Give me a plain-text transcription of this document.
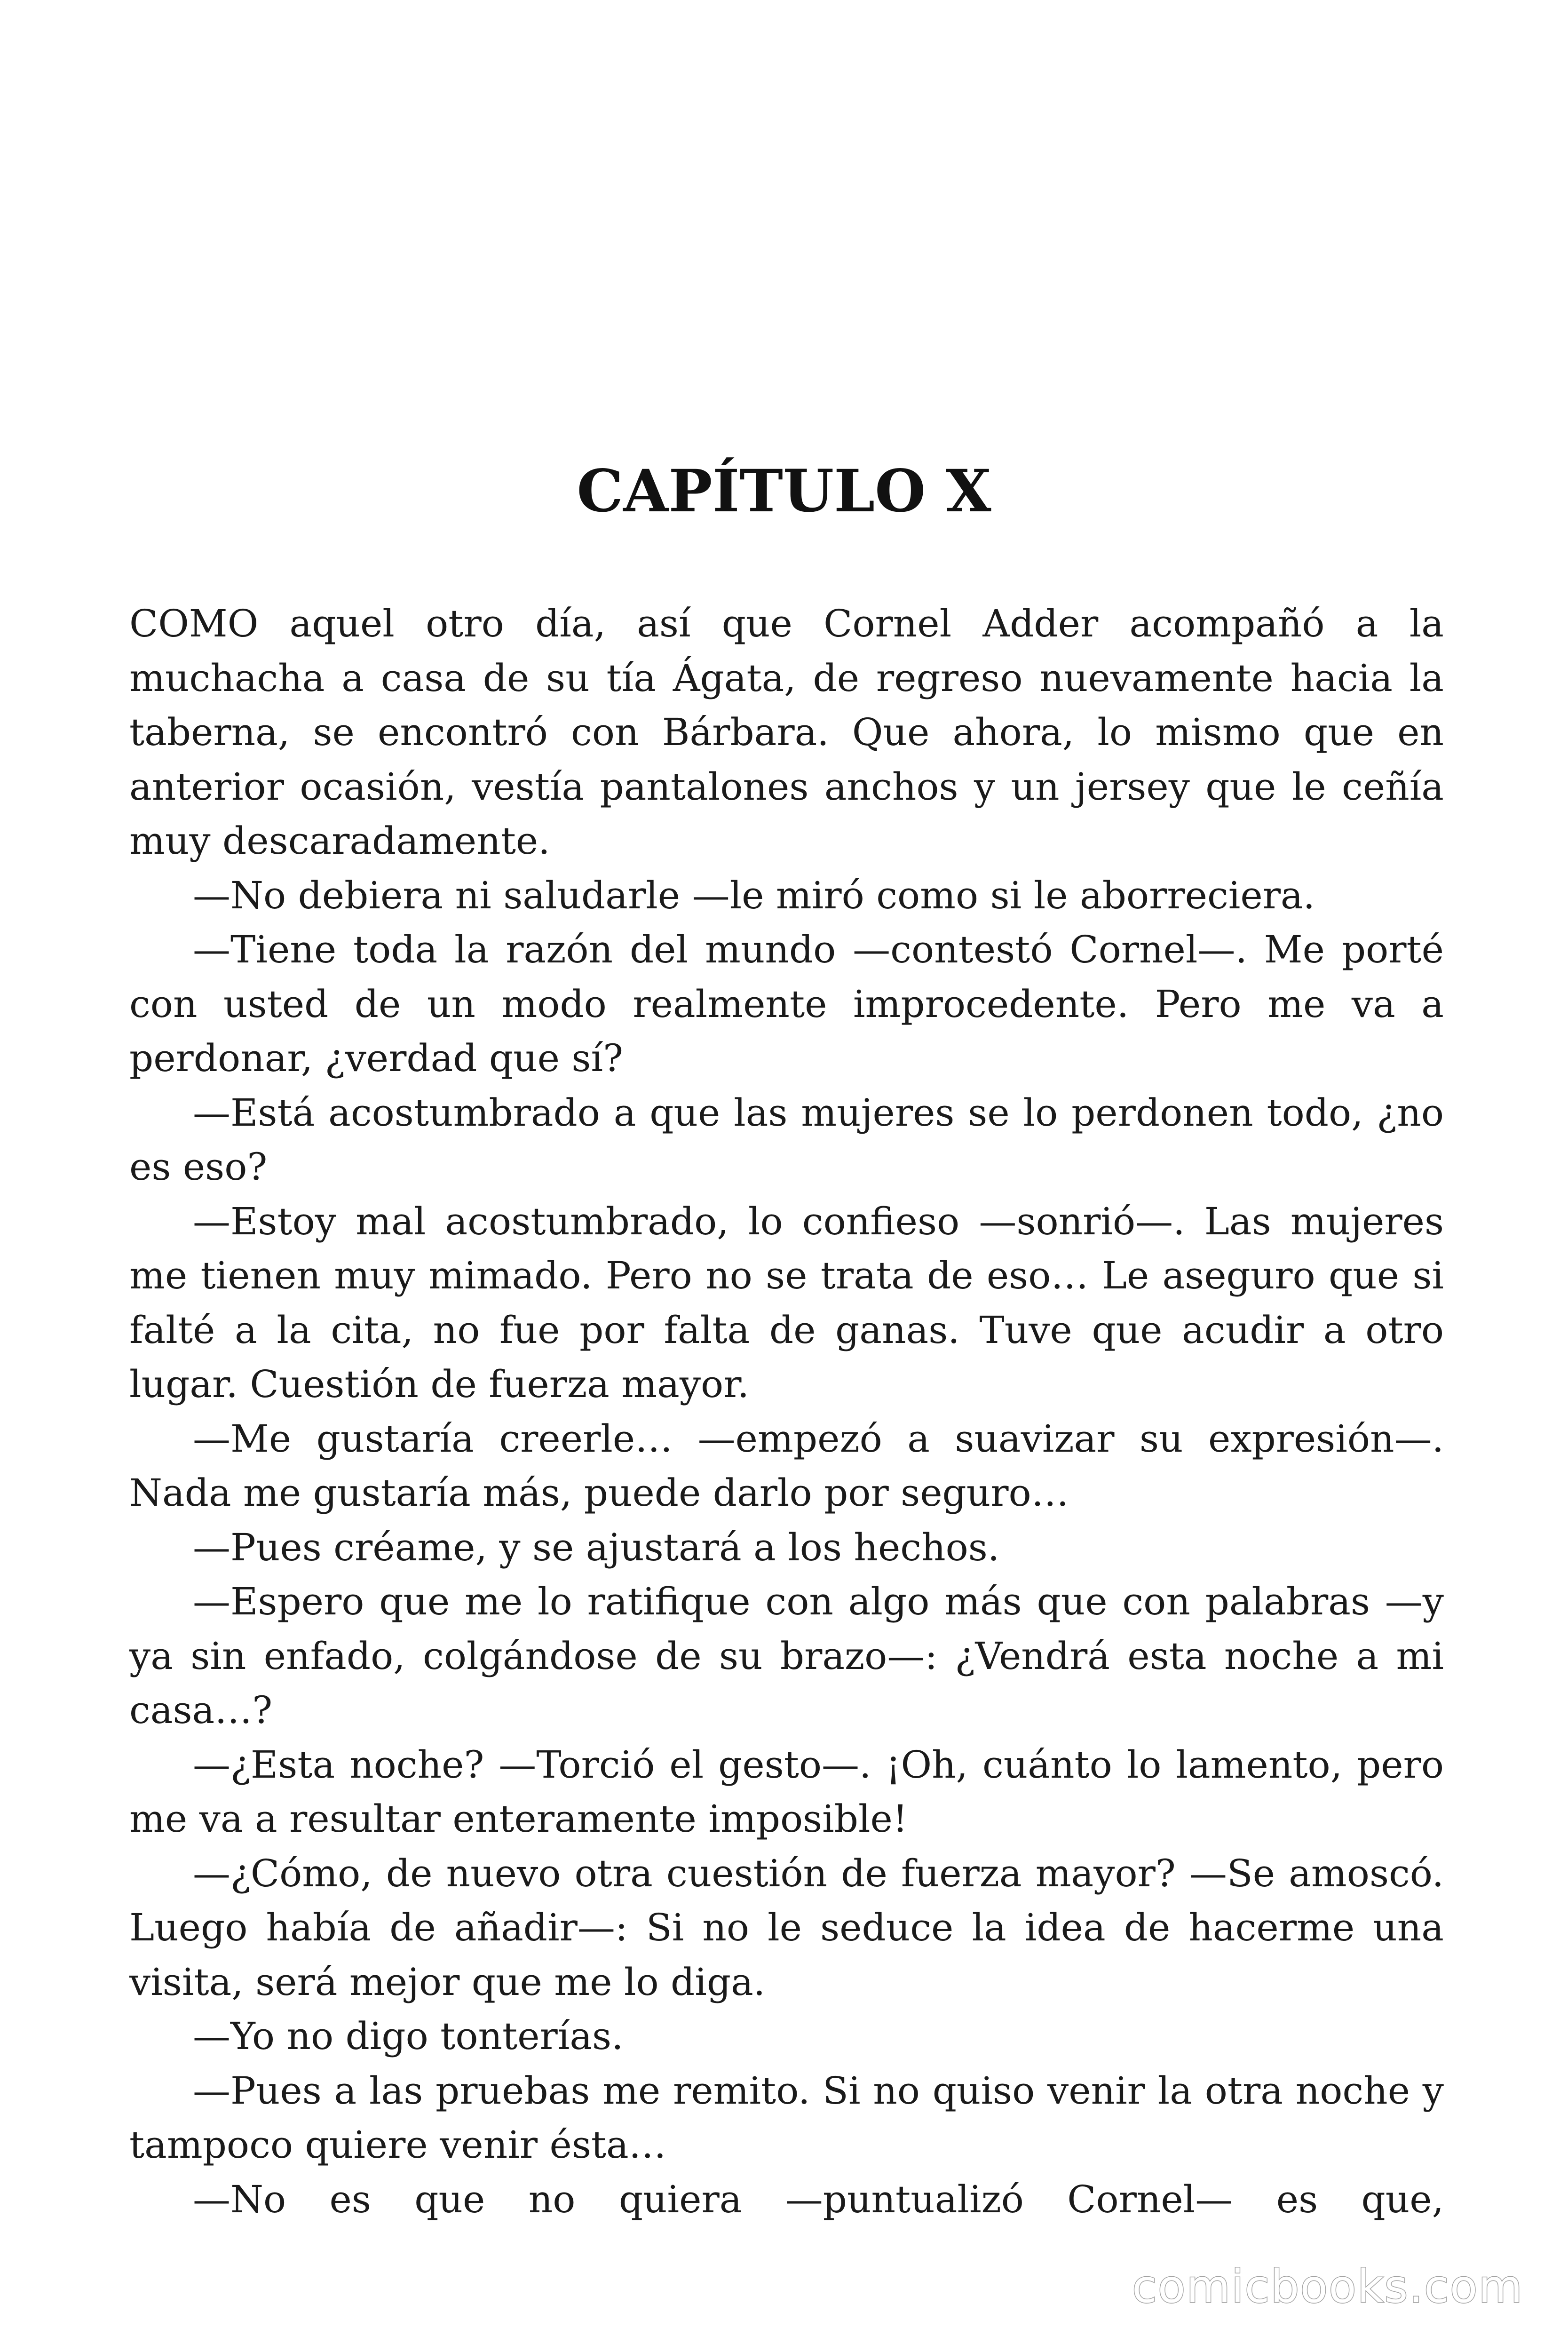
CAPÍTULO X

COMO aquel otro día, así que Cornel Adder acompañó a la muchacha a casa de su tía Ágata, de regreso nuevamente hacia la taberna, se encontró con Bárbara. Que ahora, lo mismo que en anterior ocasión, vestía pantalones anchos y un jersey que le ceñía muy descaradamente.

—No debiera ni saludarle —le miró como si le aborreciera.

—Tiene toda la razón del mundo —contestó Cornel—. Me porté con usted de un modo realmente improcedente. Pero me va a perdonar, ¿verdad que sí?

—Está acostumbrado a que las mujeres se lo perdonen todo, ¿no es eso?

—Estoy mal acostumbrado, lo confieso —sonrió—. Las mujeres me tienen muy mimado. Pero no se trata de eso… Le aseguro que si falté a la cita, no fue por falta de ganas. Tuve que acudir a otro lugar. Cuestión de fuerza mayor.

—Me gustaría creerle… —empezó a suavizar su expresión—. Nada me gustaría más, puede darlo por seguro…

—Pues créame, y se ajustará a los hechos.

—Espero que me lo ratifique con algo más que con palabras —y ya sin enfado, colgándose de su brazo—: ¿Vendrá esta noche a mi casa…?

—¿Esta noche? —Torció el gesto—. ¡Oh, cuánto lo lamento, pero me va a resultar enteramente imposible!

—¿Cómo, de nuevo otra cuestión de fuerza mayor? —Se amoscó. Luego había de añadir—: Si no le seduce la idea de hacerme una visita, será mejor que me lo diga.

—Yo no digo tonterías.

—Pues a las pruebas me remito. Si no quiso venir la otra noche y tampoco quiere venir ésta…

—No es que no quiera —puntualizó Cornel— es que,

comicbooks.com
